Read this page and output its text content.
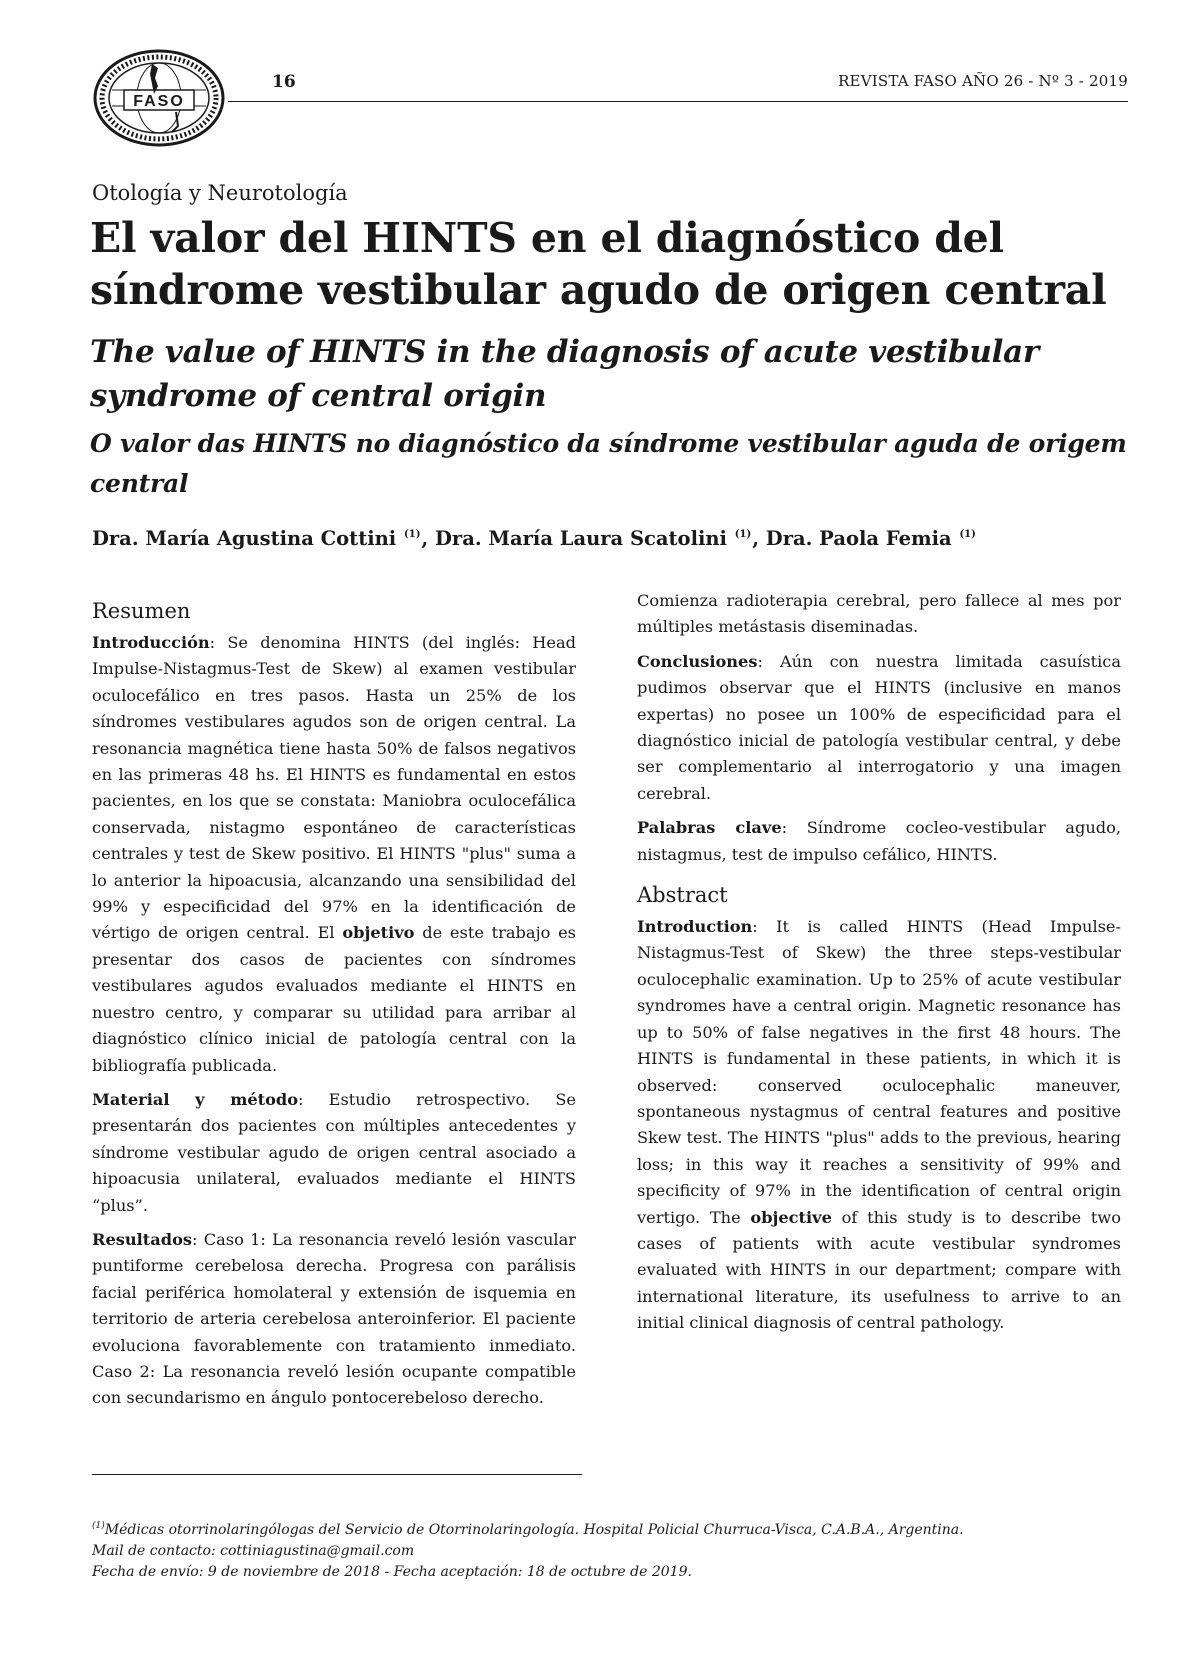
FASO
16	REVISTA FASO AÑO 26 - Nº 3 - 2019
Otología y Neurotología
El valor del HINTS en el diagnóstico del síndrome vestibular agudo de origen central
The value of HINTS in the diagnosis of acute vestibular syndrome of central origin
O valor das HINTS no diagnóstico da síndrome vestibular aguda de origem central
Dra. María Agustina Cottini $^{(1)}$, Dra. María Laura Scatolini $^{(1)}$, Dra. Paola Femia $^{(1)}$
Resumen

Introducción: Se denomina HINTS (del inglés: Head Impulse-Nistagmus-Test de Skew) al examen vestibular oculocefálico en tres pasos. Hasta un 25% de los síndromes vestibulares agudos son de origen central. La resonancia magnética tiene hasta 50% de falsos negativos en las primeras 48 hs. El HINTS es fundamental en estos pacientes, en los que se constata: Maniobra oculocefálica conservada, nistagmo espontáneo de características centrales y test de Skew positivo. El HINTS "plus" suma a lo anterior la hipoacusia, alcanzando una sensibilidad del 99% y especificidad del 97% en la identificación de vértigo de origen central. El objetivo de este trabajo es presentar dos casos de pacientes con síndromes vestibulares agudos evaluados mediante el HINTS en nuestro centro, y comparar su utilidad para arribar al diagnóstico clínico inicial de patología central con la bibliografía publicada.

Material y método: Estudio retrospectivo. Se presentarán dos pacientes con múltiples antecedentes y síndrome vestibular agudo de origen central asociado a hipoacusia unilateral, evaluados mediante el HINTS “plus”.

Resultados: Caso 1: La resonancia reveló lesión vascular puntiforme cerebelosa derecha. Progresa con parálisis facial periférica homolateral y extensión de isquemia en territorio de arteria cerebelosa anteroinferior. El paciente evoluciona favorablemente con tratamiento inmediato. Caso 2: La resonancia reveló lesión ocupante compatible con secundarismo en ángulo pontocerebeloso derecho.

Comienza radioterapia cerebral, pero fallece al mes por múltiples metástasis diseminadas.

Conclusiones: Aún con nuestra limitada casuística pudimos observar que el HINTS (inclusive en manos expertas) no posee un 100% de especificidad para el diagnóstico inicial de patología vestibular central, y debe ser complementario al interrogatorio y una imagen cerebral.

Palabras clave: Síndrome cocleo-vestibular agudo, nistagmus, test de impulso cefálico, HINTS.

Abstract

Introduction: It is called HINTS (Head Impulse-Nistagmus-Test of Skew) the three steps-vestibular oculocephalic examination. Up to 25% of acute vestibular syndromes have a central origin. Magnetic resonance has up to 50% of false negatives in the first 48 hours. The HINTS is fundamental in these patients, in which it is observed: conserved oculocephalic maneuver, spontaneous nystagmus of central features and positive Skew test. The HINTS "plus" adds to the previous, hearing loss; in this way it reaches a sensitivity of 99% and specificity of 97% in the identification of central origin vertigo. The objective of this study is to describe two cases of patients with acute vestibular syndromes evaluated with HINTS in our department; compare with international literature, its usefulness to arrive to an initial clinical diagnosis of central pathology.

$^{(1)}$Médicas otorrinolaringólogas del Servicio de Otorrinolaringología. Hospital Policial Churruca-Visca, C.A.B.A., Argentina.
Mail de contacto: cottiniagustina@gmail.com
Fecha de envío: 9 de noviembre de 2018 - Fecha aceptación: 18 de octubre de 2019.
